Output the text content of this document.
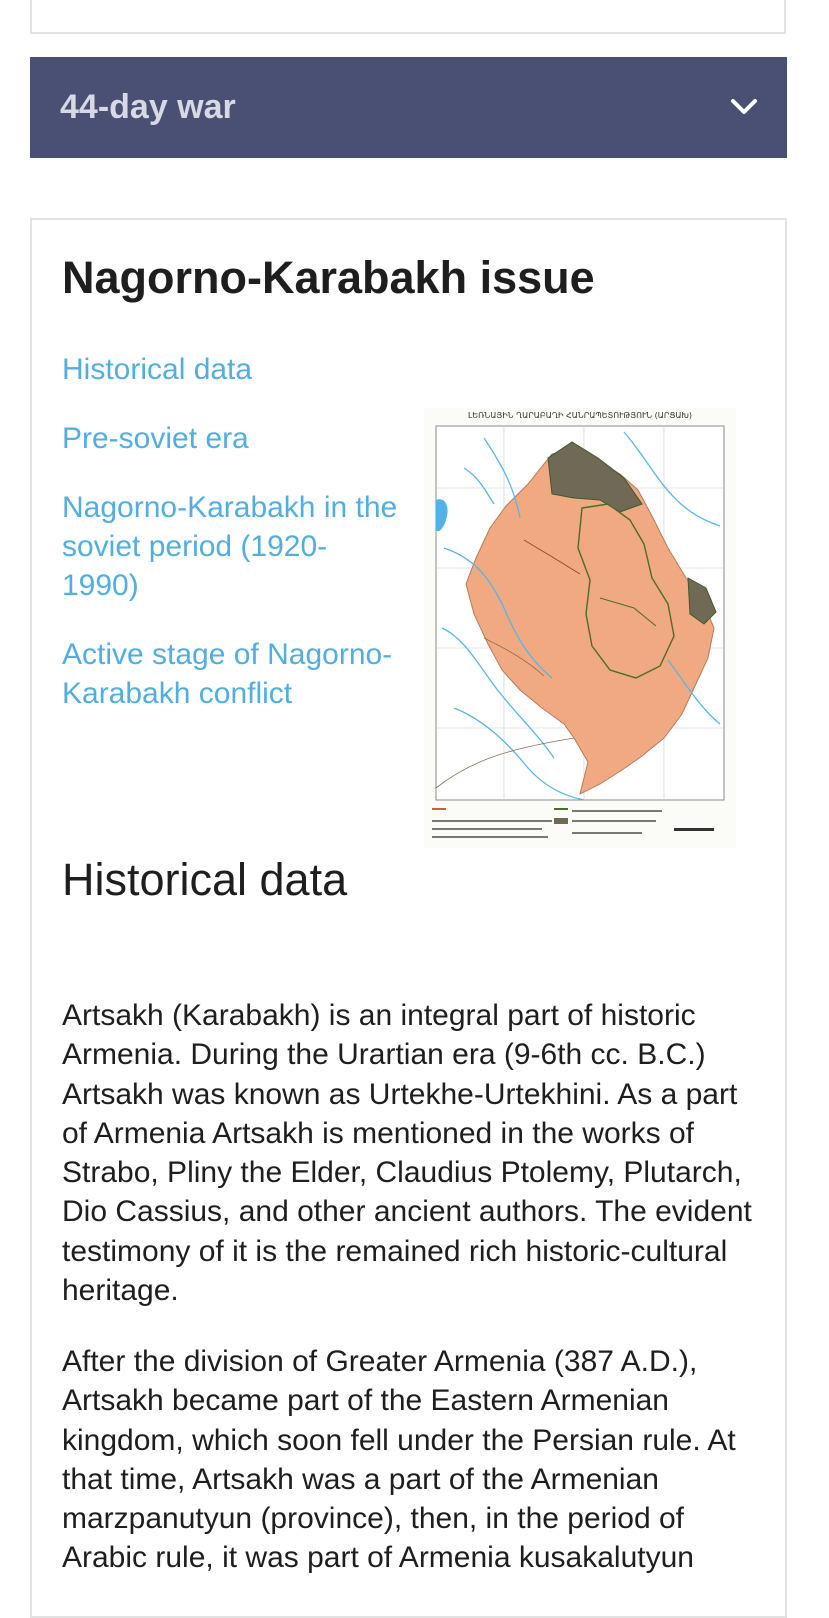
44-day war
Nagorno-Karabakh issue
Historical data
Pre-soviet era
Nagorno-Karabakh in the soviet period (1920-1990)
Active stage of Nagorno-Karabakh conflict
ԼԵՌՆԱՅԻՆ ՂԱՐԱԲԱՂԻ ՀԱՆՐԱՊԵՏՈՒԹՅՈՒՆ (ԱՐՑԱԽ)
Historical data

Artsakh (Karabakh) is an integral part of historic Armenia. During the Urartian era (9-6th cc. B.C.) Artsakh was known as Urtekhe-Urtekhini. As a part of Armenia Artsakh is mentioned in the works of Strabo, Pliny the Elder, Claudius Ptolemy, Plutarch, Dio Cassius, and other ancient authors. The evident testimony of it is the remained rich historic-cultural heritage.

After the division of Greater Armenia (387 A.D.), Artsakh became part of the Eastern Armenian kingdom, which soon fell under the Persian rule. At that time, Artsakh was a part of the Armenian marzpanutyun (province), then, in the period of Arabic rule, it was part of Armenia kusakalutyun
